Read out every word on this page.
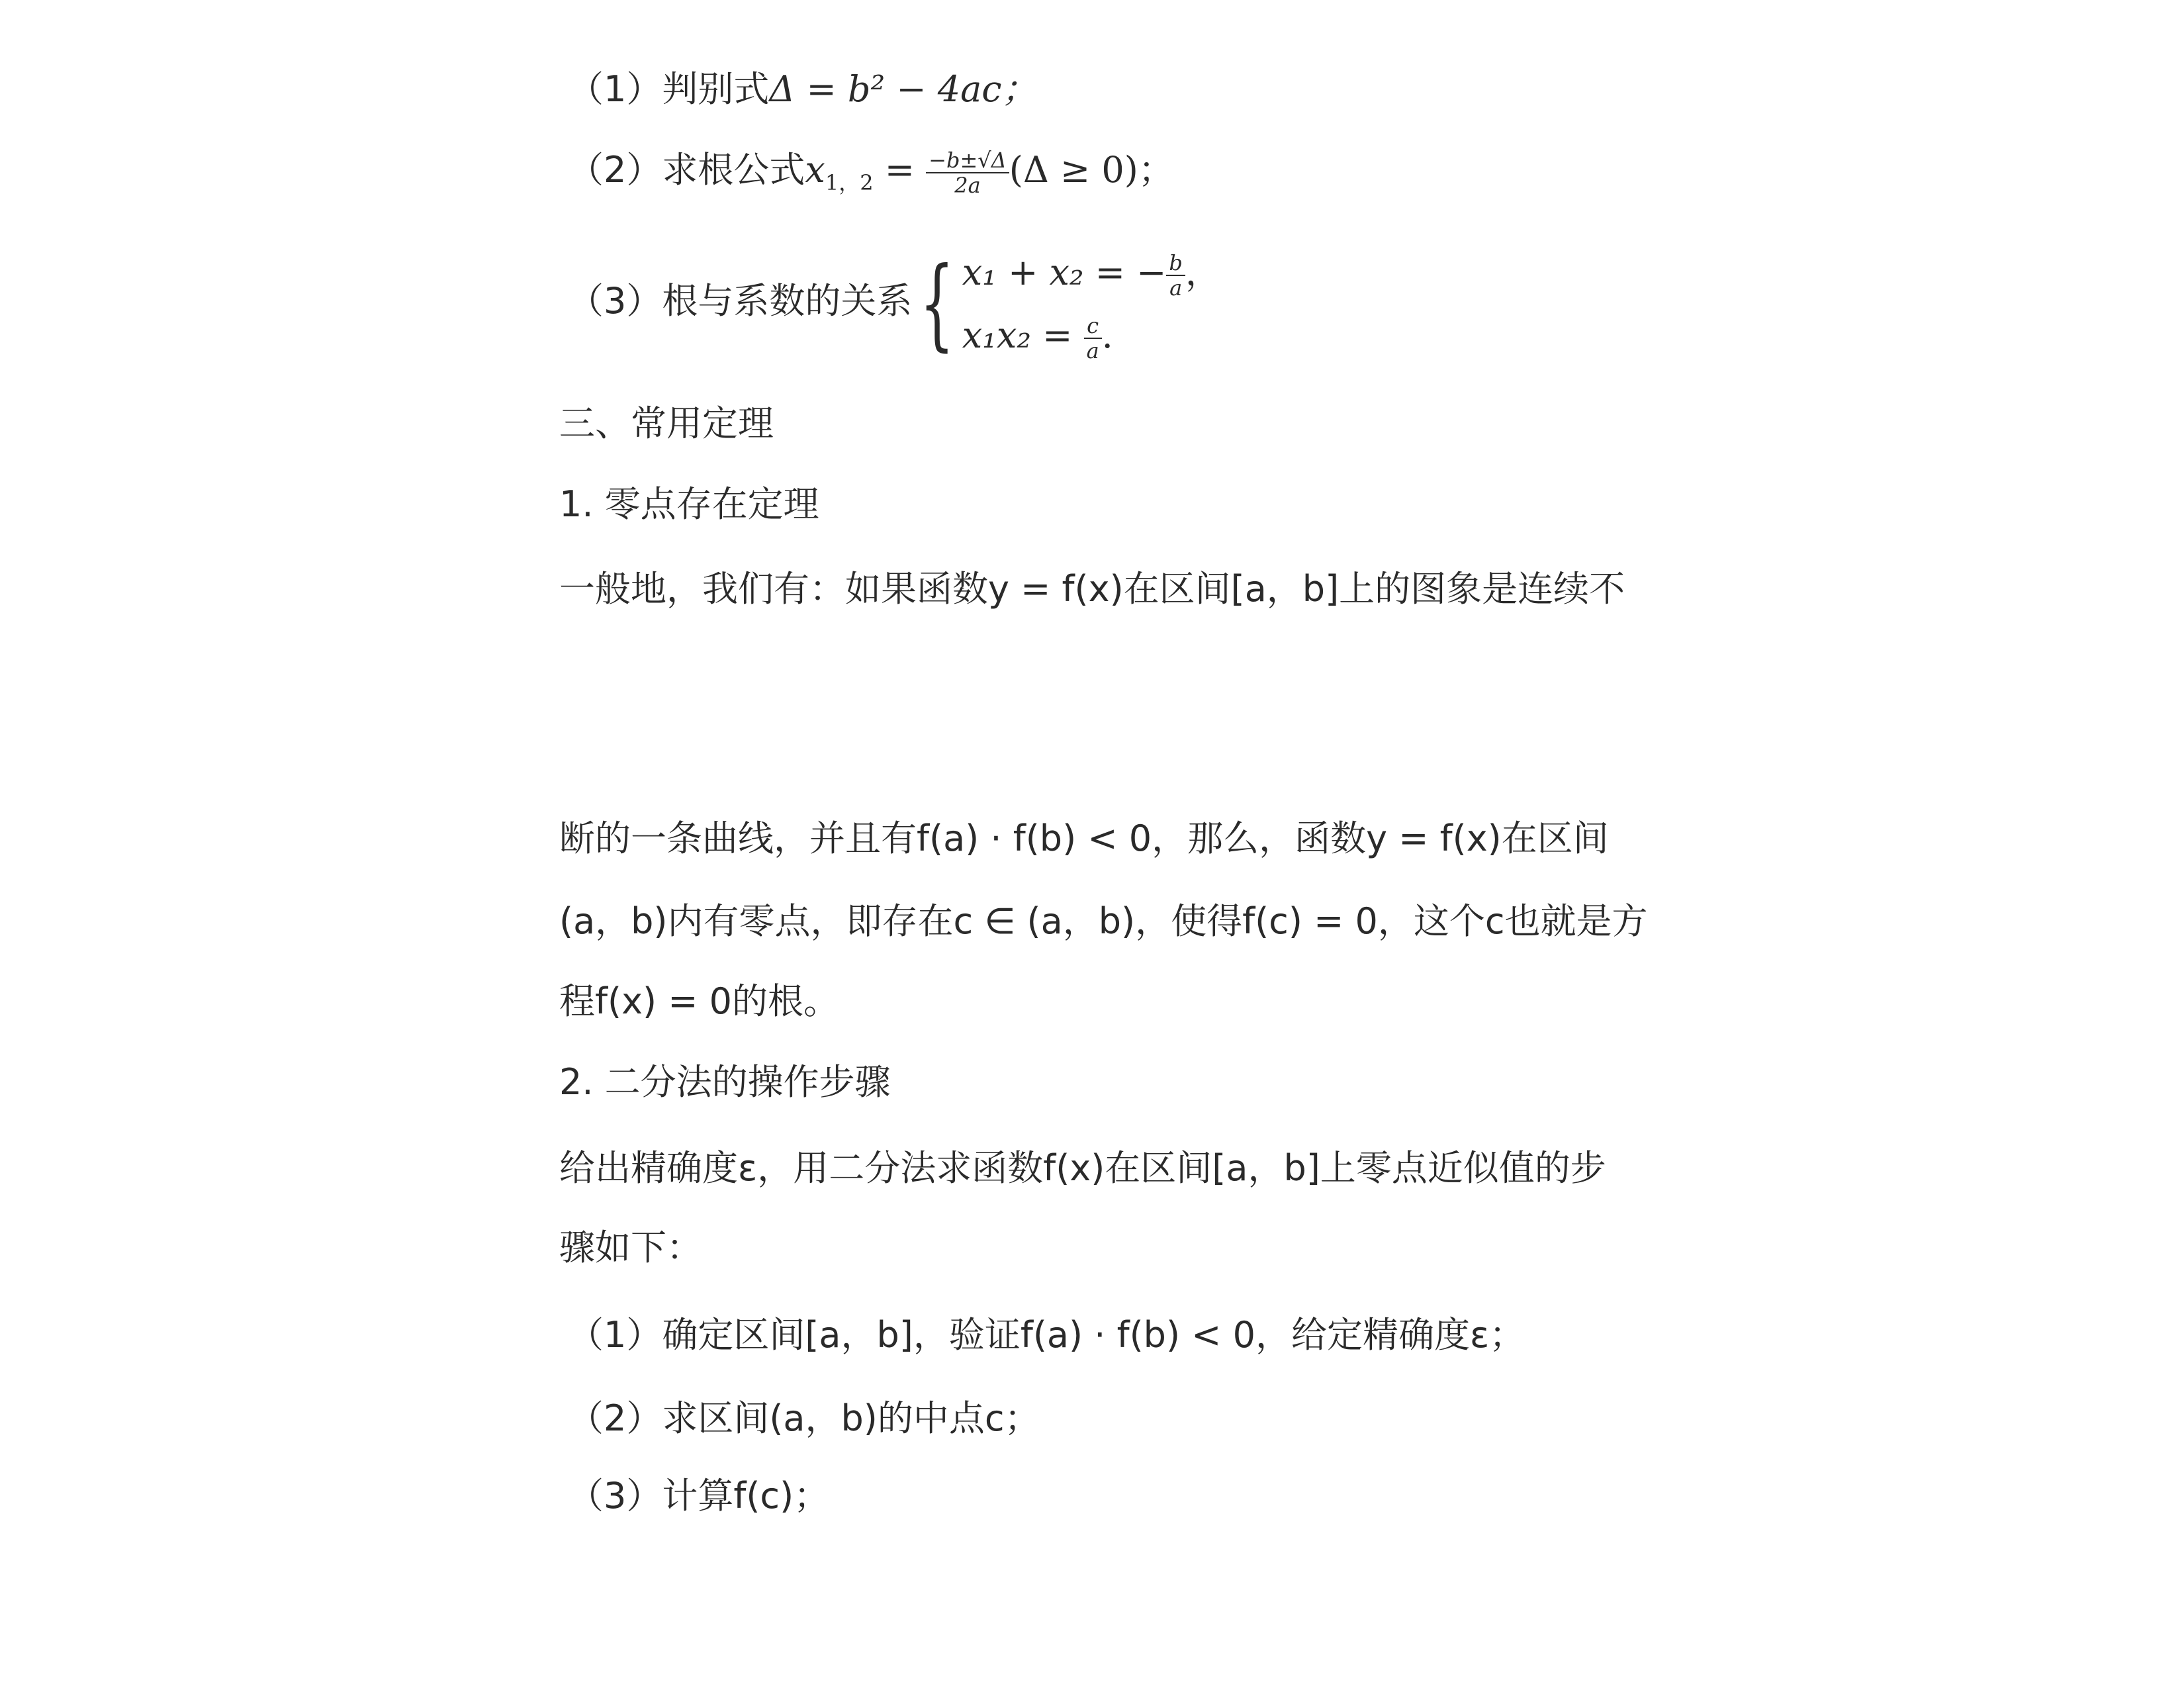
（1）判别式Δ = b² − 4ac；
（2）求根公式$x_{1,2} = \frac{-b\pm√\Delta}{2a} (\Delta \ge 0)$；
（3）根与系数的关系{ x₁ + x₂ = − $\frac{b}{a}$ ，
$x_1x_2 = \frac{c}{a}$ .
三、常用定理
1. 零点存在定理
一般地，我们有：如果函数y = f(x)在区间[a，b]上的图象是连续不
断的一条曲线，并且有f(a) · f(b) < 0，那么，函数y = f(x)在区间
(a，b)内有零点，即存在c ∈ (a，b)，使得f(c) = 0，这个c也就是方
程f(x) = 0的根。
2. 二分法的操作步骤
给出精确度ε，用二分法求函数f(x)在区间[a，b]上零点近似值的步
骤如下：
（1）确定区间[a，b]，验证f(a) · f(b) < 0，给定精确度ε；
（2）求区间(a，b)的中点c；
（3）计算f(c)；
